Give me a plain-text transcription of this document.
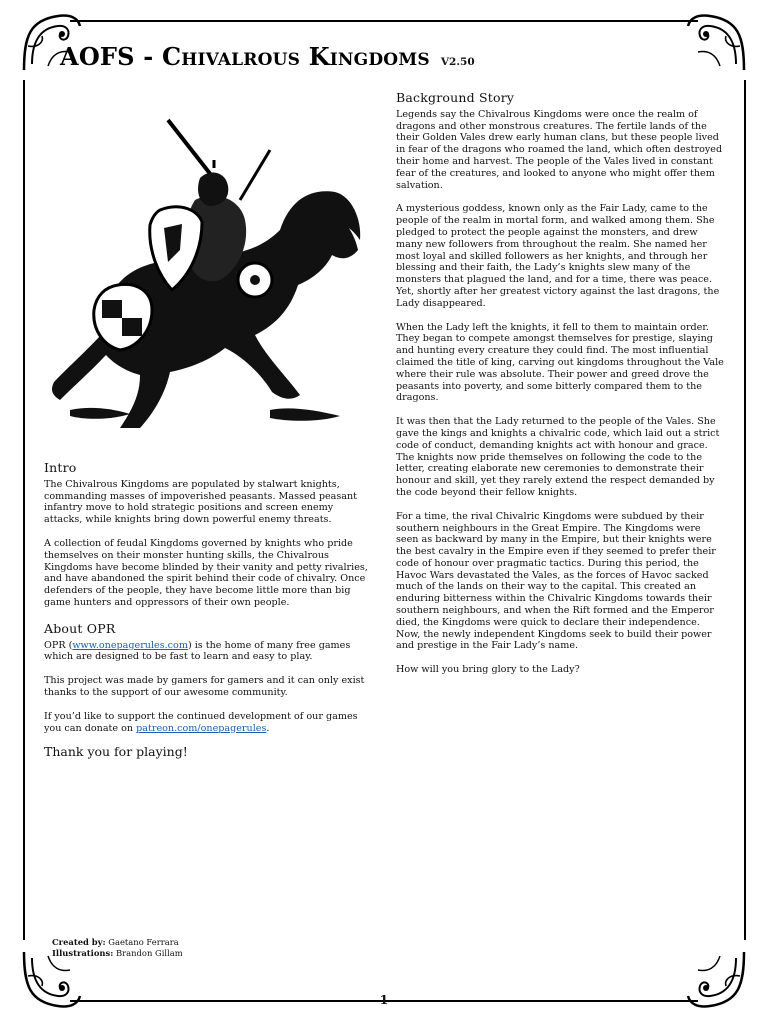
AOFS - Chivalrous Kingdoms V2.50
Intro

The Chivalrous Kingdoms are populated by stalwart knights, commanding masses of impoverished peasants. Massed peasant infantry move to hold strategic positions and screen enemy attacks, while knights bring down powerful enemy threats.

A collection of feudal Kingdoms governed by knights who pride themselves on their monster hunting skills, the Chivalrous Kingdoms have become blinded by their vanity and petty rivalries, and have abandoned the spirit behind their code of chivalry. Once defenders of the people, they have become little more than big game hunters and oppressors of their own people.

About OPR

OPR (www.onepagerules.com) is the home of many free games which are designed to be fast to learn and easy to play.

This project was made by gamers for gamers and it can only exist thanks to the support of our awesome community.

If you’d like to support the continued development of our games you can donate on patreon.com/onepagerules.

Thank you for playing!
Background Story

Legends say the Chivalrous Kingdoms were once the realm of dragons and other monstrous creatures. The fertile lands of the their Golden Vales drew early human clans, but these people lived in fear of the dragons who roamed the land, which often destroyed their home and harvest. The people of the Vales lived in constant fear of the creatures, and looked to anyone who might offer them salvation.

A mysterious goddess, known only as the Fair Lady, came to the people of the realm in mortal form, and walked among them. She pledged to protect the people against the monsters, and drew many new followers from throughout the realm. She named her most loyal and skilled followers as her knights, and through her blessing and their faith, the Lady’s knights slew many of the monsters that plagued the land, and for a time, there was peace. Yet, shortly after her greatest victory against the last dragons, the Lady disappeared.

When the Lady left the knights, it fell to them to maintain order. They began to compete amongst themselves for prestige, slaying and hunting every creature they could find. The most influential claimed the title of king, carving out kingdoms throughout the Vale where their rule was absolute. Their power and greed drove the peasants into poverty, and some bitterly compared them to the dragons.

It was then that the Lady returned to the people of the Vales. She gave the kings and knights a chivalric code, which laid out a strict code of conduct, demanding knights act with honour and grace. The knights now pride themselves on following the code to the letter, creating elaborate new ceremonies to demonstrate their honour and skill, yet they rarely extend the respect demanded by the code beyond their fellow knights.

For a time, the rival Chivalric Kingdoms were subdued by their southern neighbours in the Great Empire. The Kingdoms were seen as backward by many in the Empire, but their knights were the best cavalry in the Empire even if they seemed to prefer their code of honour over pragmatic tactics. During this period, the Havoc Wars devastated the Vales, as the forces of Havoc sacked much of the lands on their way to the capital. This created an enduring bitterness within the Chivalric Kingdoms towards their southern neighbours, and when the Rift formed and the Emperor died, the Kingdoms were quick to declare their independence. Now, the newly independent Kingdoms seek to build their power and prestige in the Fair Lady’s name.

How will you bring glory to the Lady?

Created by: Gaetano Ferrara
Illustrations: Brandon Gillam
1
